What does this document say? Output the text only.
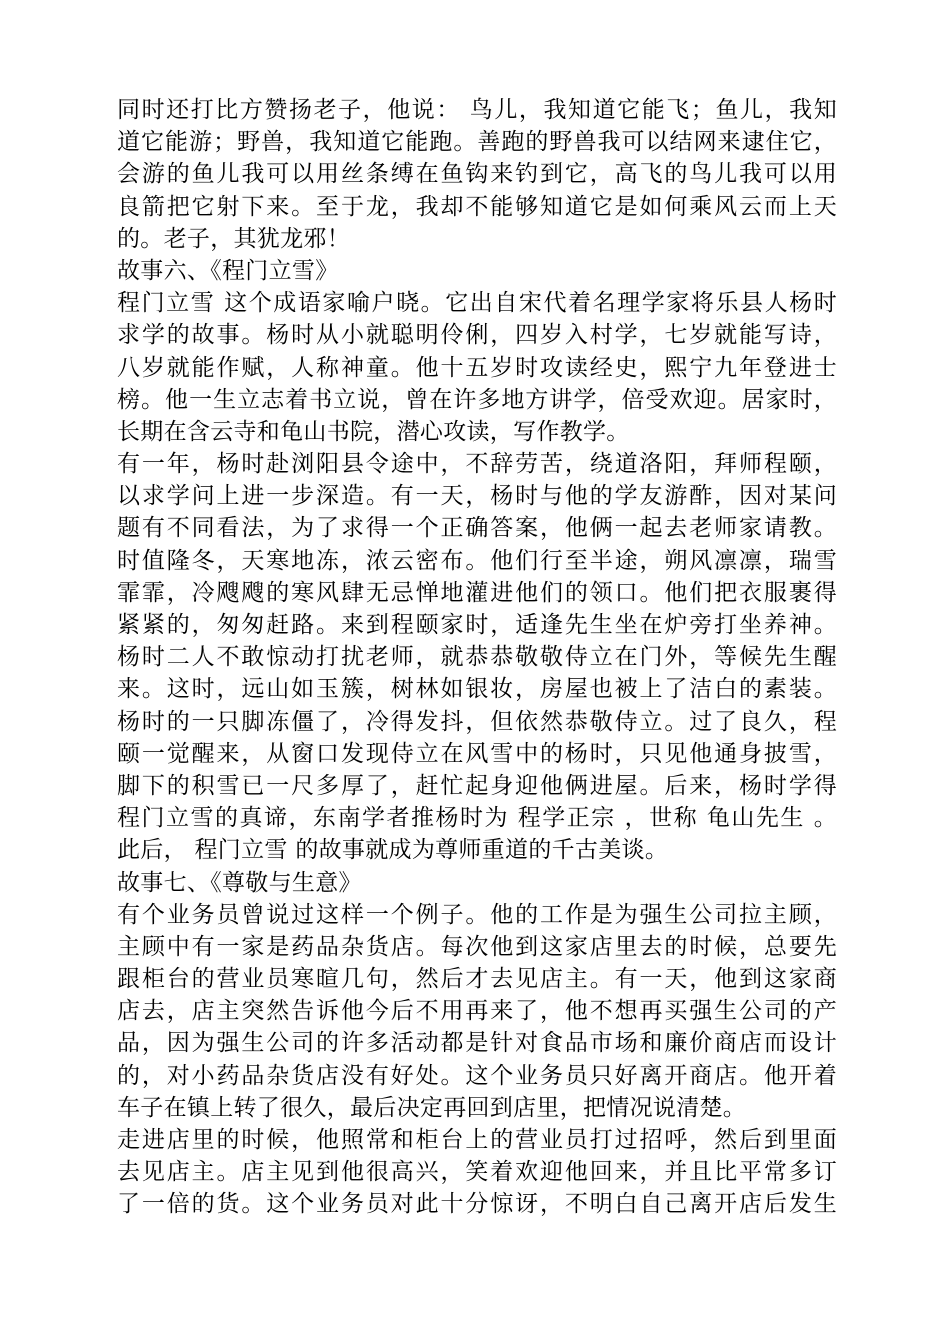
同时还打比方赞扬老子，他说： 鸟儿，我知道它能飞；鱼儿，我知
道它能游；野兽，我知道它能跑。善跑的野兽我可以结网来逮住它，
会游的鱼儿我可以用丝条缚在鱼钩来钓到它，高飞的鸟儿我可以用
良箭把它射下来。至于龙，我却不能够知道它是如何乘风云而上天
的。老子，其犹龙邪！
故事六、《程门立雪》
程门立雪 这个成语家喻户晓。它出自宋代着名理学家将乐县人杨时
求学的故事。杨时从小就聪明伶俐，四岁入村学，七岁就能写诗，
八岁就能作赋，人称神童。他十五岁时攻读经史，熙宁九年登进士
榜。他一生立志着书立说，曾在许多地方讲学，倍受欢迎。居家时，
长期在含云寺和龟山书院，潜心攻读，写作教学。
有一年，杨时赴浏阳县令途中，不辞劳苦，绕道洛阳，拜师程颐，
以求学问上进一步深造。有一天，杨时与他的学友游酢，因对某问
题有不同看法，为了求得一个正确答案，他俩一起去老师家请教。
时值隆冬，天寒地冻，浓云密布。他们行至半途，朔风凛凛，瑞雪
霏霏，冷飕飕的寒风肆无忌惮地灌进他们的领口。他们把衣服裹得
紧紧的，匆匆赶路。来到程颐家时，适逢先生坐在炉旁打坐养神。
杨时二人不敢惊动打扰老师，就恭恭敬敬侍立在门外，等候先生醒
来。这时，远山如玉簇，树林如银妆，房屋也被上了洁白的素装。
杨时的一只脚冻僵了，冷得发抖，但依然恭敬侍立。过了良久，程
颐一觉醒来，从窗口发现侍立在风雪中的杨时，只见他通身披雪，
脚下的积雪已一尺多厚了，赶忙起身迎他俩进屋。后来，杨时学得
程门立雪的真谛，东南学者推杨时为 程学正宗 ，世称 龟山先生 。
此后， 程门立雪 的故事就成为尊师重道的千古美谈。
故事七、《尊敬与生意》
有个业务员曾说过这样一个例子。他的工作是为强生公司拉主顾，
主顾中有一家是药品杂货店。每次他到这家店里去的时候，总要先
跟柜台的营业员寒暄几句，然后才去见店主。有一天，他到这家商
店去，店主突然告诉他今后不用再来了，他不想再买强生公司的产
品，因为强生公司的许多活动都是针对食品市场和廉价商店而设计
的，对小药品杂货店没有好处。这个业务员只好离开商店。他开着
车子在镇上转了很久，最后决定再回到店里，把情况说清楚。
走进店里的时候，他照常和柜台上的营业员打过招呼，然后到里面
去见店主。店主见到他很高兴，笑着欢迎他回来，并且比平常多订
了一倍的货。这个业务员对此十分惊讶，不明白自己离开店后发生
